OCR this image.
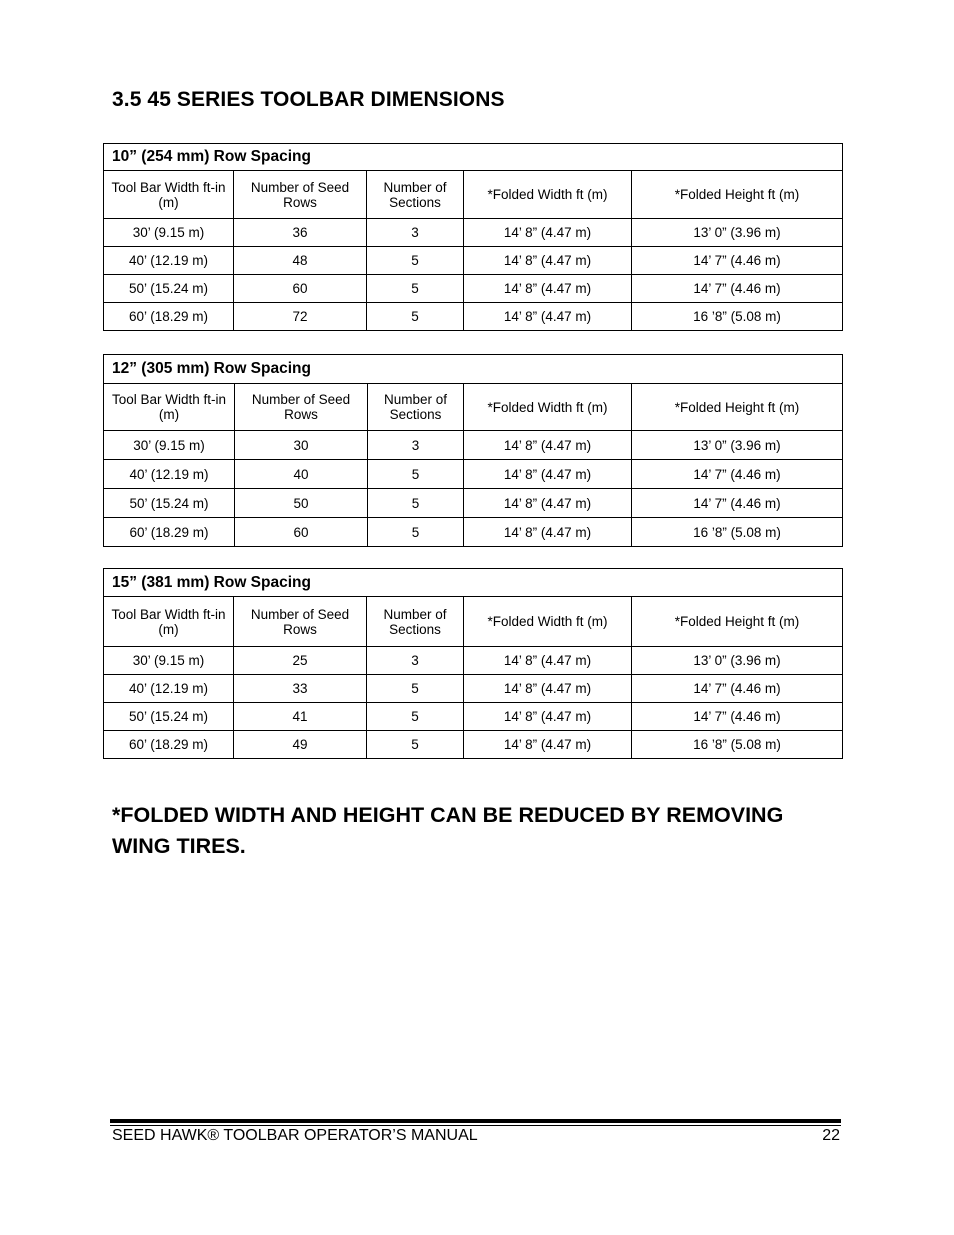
3.5 45 SERIES TOOLBAR DIMENSIONS
10” (254 mm) Row Spacing				
Tool Bar Width ft-in (m)	Number of Seed Rows	Number of Sections	*Folded Width ft (m)	*Folded Height ft (m)
30’ (9.15 m)	36	3	14’ 8” (4.47 m)	13’ 0” (3.96 m)
40’ (12.19 m)	48	5	14’ 8” (4.47 m)	14’ 7” (4.46 m)
50’ (15.24 m)	60	5	14’ 8” (4.47 m)	14’ 7” (4.46 m)
60’ (18.29 m)	72	5	14’ 8” (4.47 m)	16 ’8” (5.08 m)
12” (305 mm) Row Spacing				
Tool Bar Width ft-in (m)	Number of Seed Rows	Number of Sections	*Folded Width ft (m)	*Folded Height ft (m)
30’ (9.15 m)	30	3	14’ 8” (4.47 m)	13’ 0” (3.96 m)
40’ (12.19 m)	40	5	14’ 8” (4.47 m)	14’ 7” (4.46 m)
50’ (15.24 m)	50	5	14’ 8” (4.47 m)	14’ 7” (4.46 m)
60’ (18.29 m)	60	5	14’ 8” (4.47 m)	16 ’8” (5.08 m)
15” (381 mm) Row Spacing				
Tool Bar Width ft-in (m)	Number of Seed Rows	Number of Sections	*Folded Width ft (m)	*Folded Height ft (m)
30’ (9.15 m)	25	3	14’ 8” (4.47 m)	13’ 0” (3.96 m)
40’ (12.19 m)	33	5	14’ 8” (4.47 m)	14’ 7” (4.46 m)
50’ (15.24 m)	41	5	14’ 8” (4.47 m)	14’ 7” (4.46 m)
60’ (18.29 m)	49	5	14’ 8” (4.47 m)	16 ’8” (5.08 m)
*FOLDED WIDTH AND HEIGHT CAN BE REDUCED BY REMOVING WING TIRES.
SEED HAWK® TOOLBAR OPERATOR’S MANUAL	22
